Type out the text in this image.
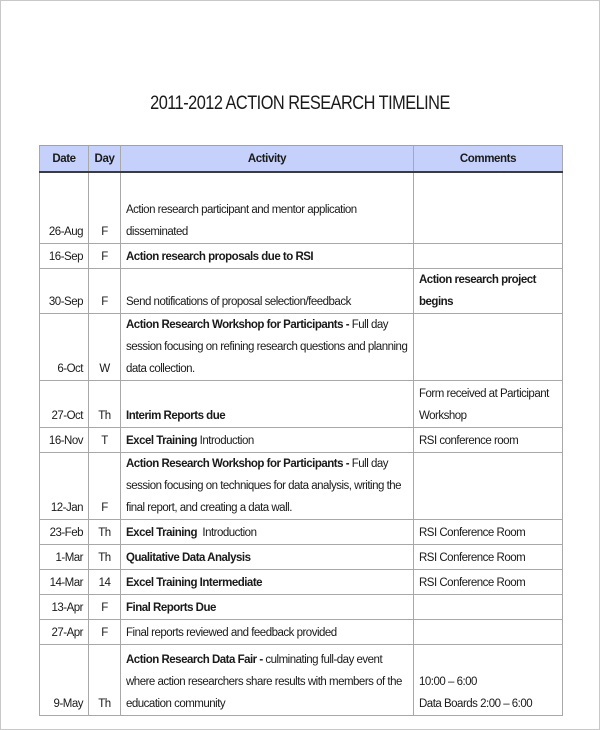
2011-2012 ACTION RESEARCH TIMELINE
Date	Day	Activity	Comments
26-Aug	F	Action research participant and mentor application disseminated	
16-Sep	F	Action research proposals due to RSI	
30-Sep	F	Send notifications of proposal selection/feedback	Action research project begins
6-Oct	W	Action Research Workshop for Participants - Full day session focusing on refining research questions and planning data collection.	
27-Oct	Th	Interim Reports due	Form received at Participant Workshop
16-Nov	T	Excel Training Introduction	RSI conference room
12-Jan	F	Action Research Workshop for Participants - Full day session focusing on techniques for data analysis, writing the final report, and creating a data wall.	
23-Feb	Th	Excel Training  Introduction	RSI Conference Room
1-Mar	Th	Qualitative Data Analysis	RSI Conference Room
14-Mar	14	Excel Training Intermediate	RSI Conference Room
13-Apr	F	Final Reports Due	
27-Apr	F	Final reports reviewed and feedback provided	
9-May	Th	Action Research Data Fair - culminating full-day event where action researchers share results with members of the education community	10:00 – 6:00
Data Boards 2:00 – 6:00
